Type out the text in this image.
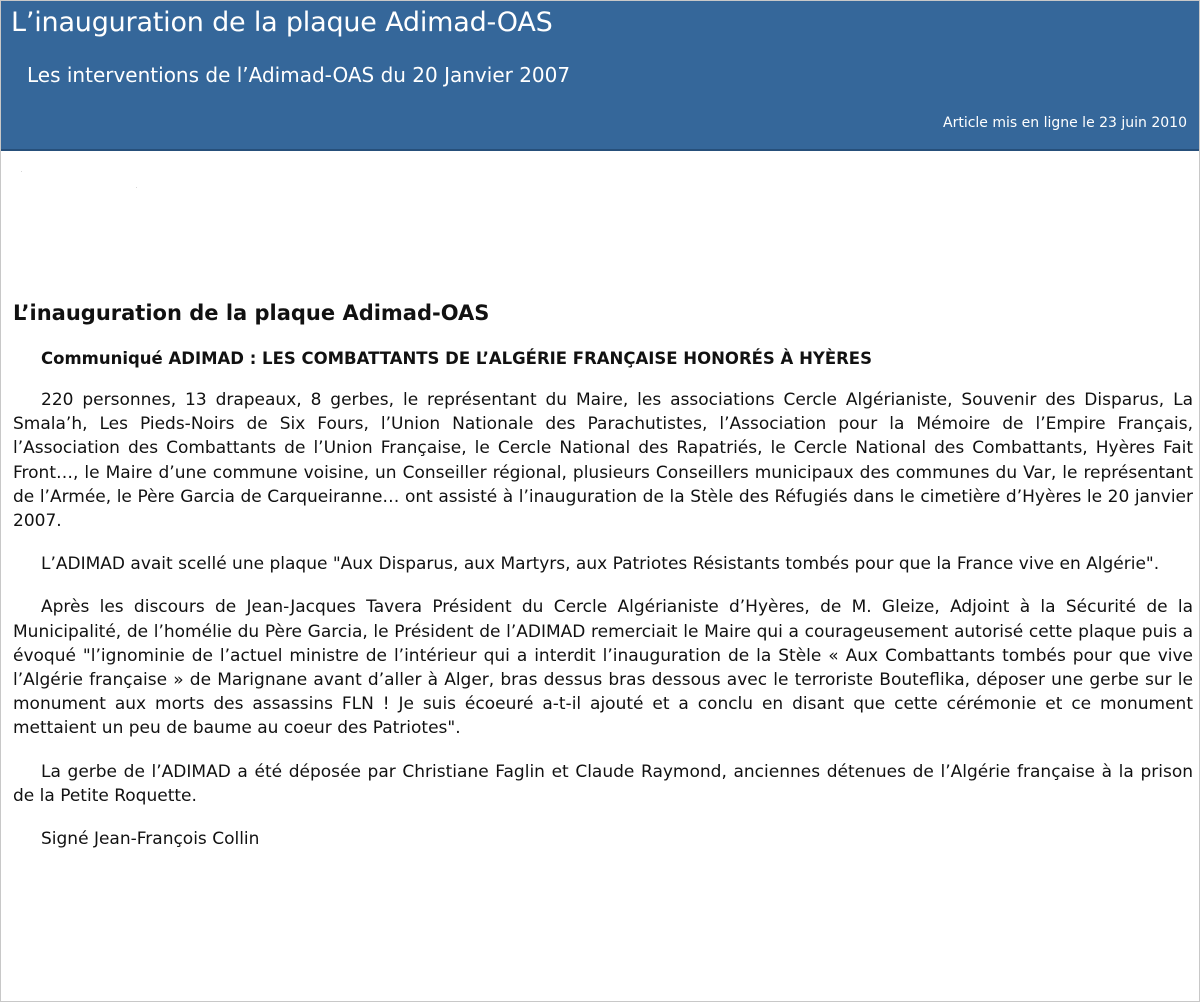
L’inauguration de la plaque Adimad-OAS
Les interventions de l’Adimad-OAS du 20 Janvier 2007
Article mis en ligne le 23 juin 2010
L’inauguration de la plaque Adimad-OAS
Communiqué ADIMAD : LES COMBATTANTS DE L’ALGÉRIE FRANÇAISE HONORÉS À HYÈRES

220 personnes, 13 drapeaux, 8 gerbes, le représentant du Maire, les associations Cercle Algérianiste, Souvenir des Disparus, La Smala’h, Les Pieds-Noirs de Six Fours, l’Union Nationale des Parachutistes, l’Association pour la Mémoire de l’Empire Français, l’Association des Combattants de l’Union Française, le Cercle National des Rapatriés, le Cercle National des Combattants, Hyères Fait Front…, le Maire d’une commune voisine, un Conseiller régional, plusieurs Conseillers municipaux des communes du Var, le représentant de l’Armée, le Père Garcia de Carqueiranne… ont assisté à l’inauguration de la Stèle des Réfugiés dans le cimetière d’Hyères le 20 janvier 2007.

L’ADIMAD avait scellé une plaque "Aux Disparus, aux Martyrs, aux Patriotes Résistants tombés pour que la France vive en Algérie".

Après les discours de Jean-Jacques Tavera Président du Cercle Algérianiste d’Hyères, de M. Gleize, Adjoint à la Sécurité de la Municipalité, de l’homélie du Père Garcia, le Président de l’ADIMAD remerciait le Maire qui a courageusement autorisé cette plaque puis a évoqué "l’ignominie de l’actuel ministre de l’intérieur qui a interdit l’inauguration de la Stèle « Aux Combattants tombés pour que vive l’Algérie française » de Marignane avant d’aller à Alger, bras dessus bras dessous avec le terroriste Bouteflika, déposer une gerbe sur le monument aux morts des assassins FLN ! Je suis écoeuré a-t-il ajouté et a conclu en disant que cette cérémonie et ce monument mettaient un peu de baume au coeur des Patriotes".

La gerbe de l’ADIMAD a été déposée par Christiane Faglin et Claude Raymond, anciennes détenues de l’Algérie française à la prison de la Petite Roquette.

Signé Jean-François Collin
